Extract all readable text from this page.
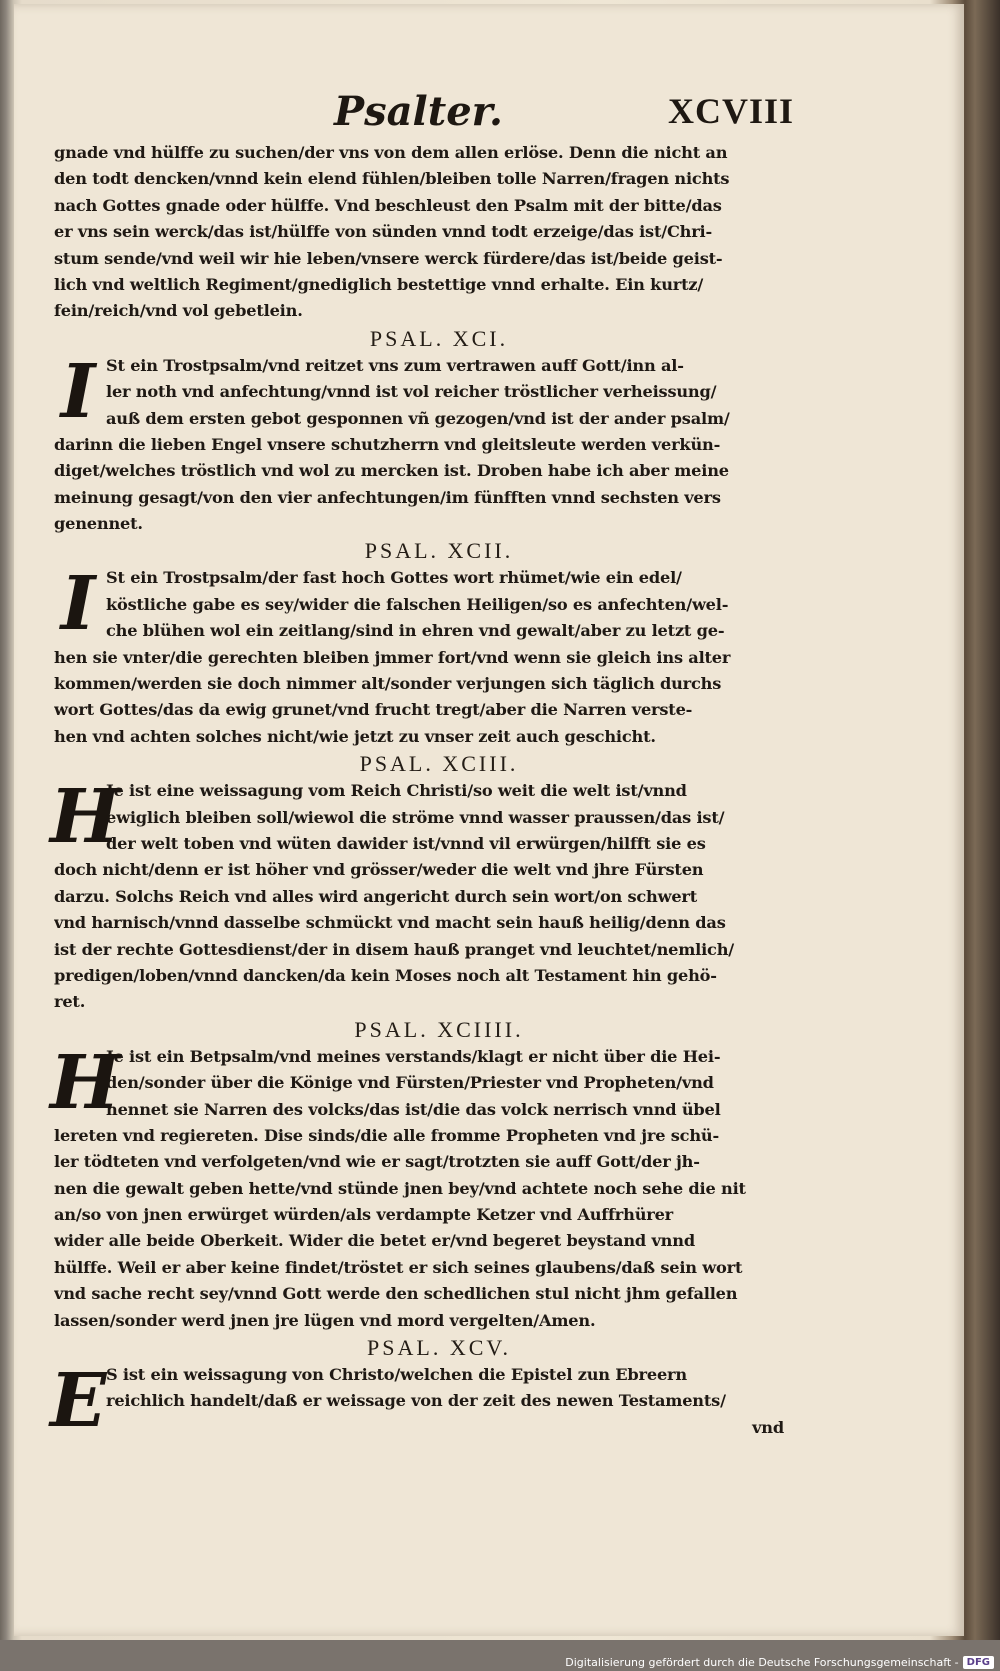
Psalter.	XCVIII
gnade vnd hülffe zu suchen/der vns von dem allen erlöse. Denn die nicht an
den todt dencken/vnnd kein elend fühlen/bleiben tolle Narren/fragen nichts
nach Gottes gnade oder hülffe. Vnd beschleust den Psalm mit der bitte/das
er vns sein werck/das ist/hülffe von sünden vnnd todt erzeige/das ist/Chri-
stum sende/vnd weil wir hie leben/vnsere werck fürdere/das ist/beide geist-
lich vnd weltlich Regiment/gnediglich bestettige vnnd erhalte. Ein kurtz/
fein/reich/vnd vol gebetlein.
PSAL. XCI.
I St ein Trostpsalm/vnd reitzet vns zum vertrawen auff Gott/inn al-
ler noth vnd anfechtung/vnnd ist vol reicher tröstlicher verheissung/
auß dem ersten gebot gesponnen vñ gezogen/vnd ist der ander psalm/
darinn die lieben Engel vnsere schutzherrn vnd gleitsleute werden verkün-
diget/welches tröstlich vnd wol zu mercken ist. Droben habe ich aber meine
meinung gesagt/von den vier anfechtungen/im fünfften vnnd sechsten vers
genennet.
PSAL. XCII.
I St ein Trostpsalm/der fast hoch Gottes wort rhümet/wie ein edel/
köstliche gabe es sey/wider die falschen Heiligen/so es anfechten/wel-
che blühen wol ein zeitlang/sind in ehren vnd gewalt/aber zu letzt ge-
hen sie vnter/die gerechten bleiben jmmer fort/vnd wenn sie gleich ins alter
kommen/werden sie doch nimmer alt/sonder verjungen sich täglich durchs
wort Gottes/das da ewig grunet/vnd frucht tregt/aber die Narren verste-
hen vnd achten solches nicht/wie jetzt zu vnser zeit auch geschicht.
PSAL. XCIII.
H
Je ist eine weissagung vom Reich Christi/so weit die welt ist/vnnd
ewiglich bleiben soll/wiewol die ströme vnnd wasser praussen/das ist/
der welt toben vnd wüten dawider ist/vnnd vil erwürgen/hilfft sie es
doch nicht/denn er ist höher vnd grösser/weder die welt vnd jhre Fürsten
darzu. Solchs Reich vnd alles wird angericht durch sein wort/on schwert
vnd harnisch/vnnd dasselbe schmückt vnd macht sein hauß heilig/denn das
ist der rechte Gottesdienst/der in disem hauß pranget vnd leuchtet/nemlich/
predigen/loben/vnnd dancken/da kein Moses noch alt Testament hin gehö-
ret.
PSAL. XCIIII.
H
Je ist ein Betpsalm/vnd meines verstands/klagt er nicht über die Hei-
den/sonder über die Könige vnd Fürsten/Priester vnd Propheten/vnd
nennet sie Narren des volcks/das ist/die das volck nerrisch vnnd übel
lereten vnd regiereten. Dise sinds/die alle fromme Propheten vnd jre schü-
ler tödteten vnd verfolgeten/vnd wie er sagt/trotzten sie auff Gott/der jh-
nen die gewalt geben hette/vnd stünde jnen bey/vnd achtete noch sehe die nit
an/so von jnen erwürget würden/als verdampte Ketzer vnd Auffrhürer
wider alle beide Oberkeit. Wider die betet er/vnd begeret beystand vnnd
hülffe. Weil er aber keine findet/tröstet er sich seines glaubens/daß sein wort
vnd sache recht sey/vnnd Gott werde den schedlichen stul nicht jhm gefallen
lassen/sonder werd jnen jre lügen vnd mord vergelten/Amen.
PSAL. XCV.
E S ist ein weissagung von Christo/welchen die Epistel zun Ebreern
reichlich handelt/daß er weissage von der zeit des newen Testaments/
vnd
Digitalisierung gefördert durch die Deutsche Forschungsgemeinschaft - DFG
